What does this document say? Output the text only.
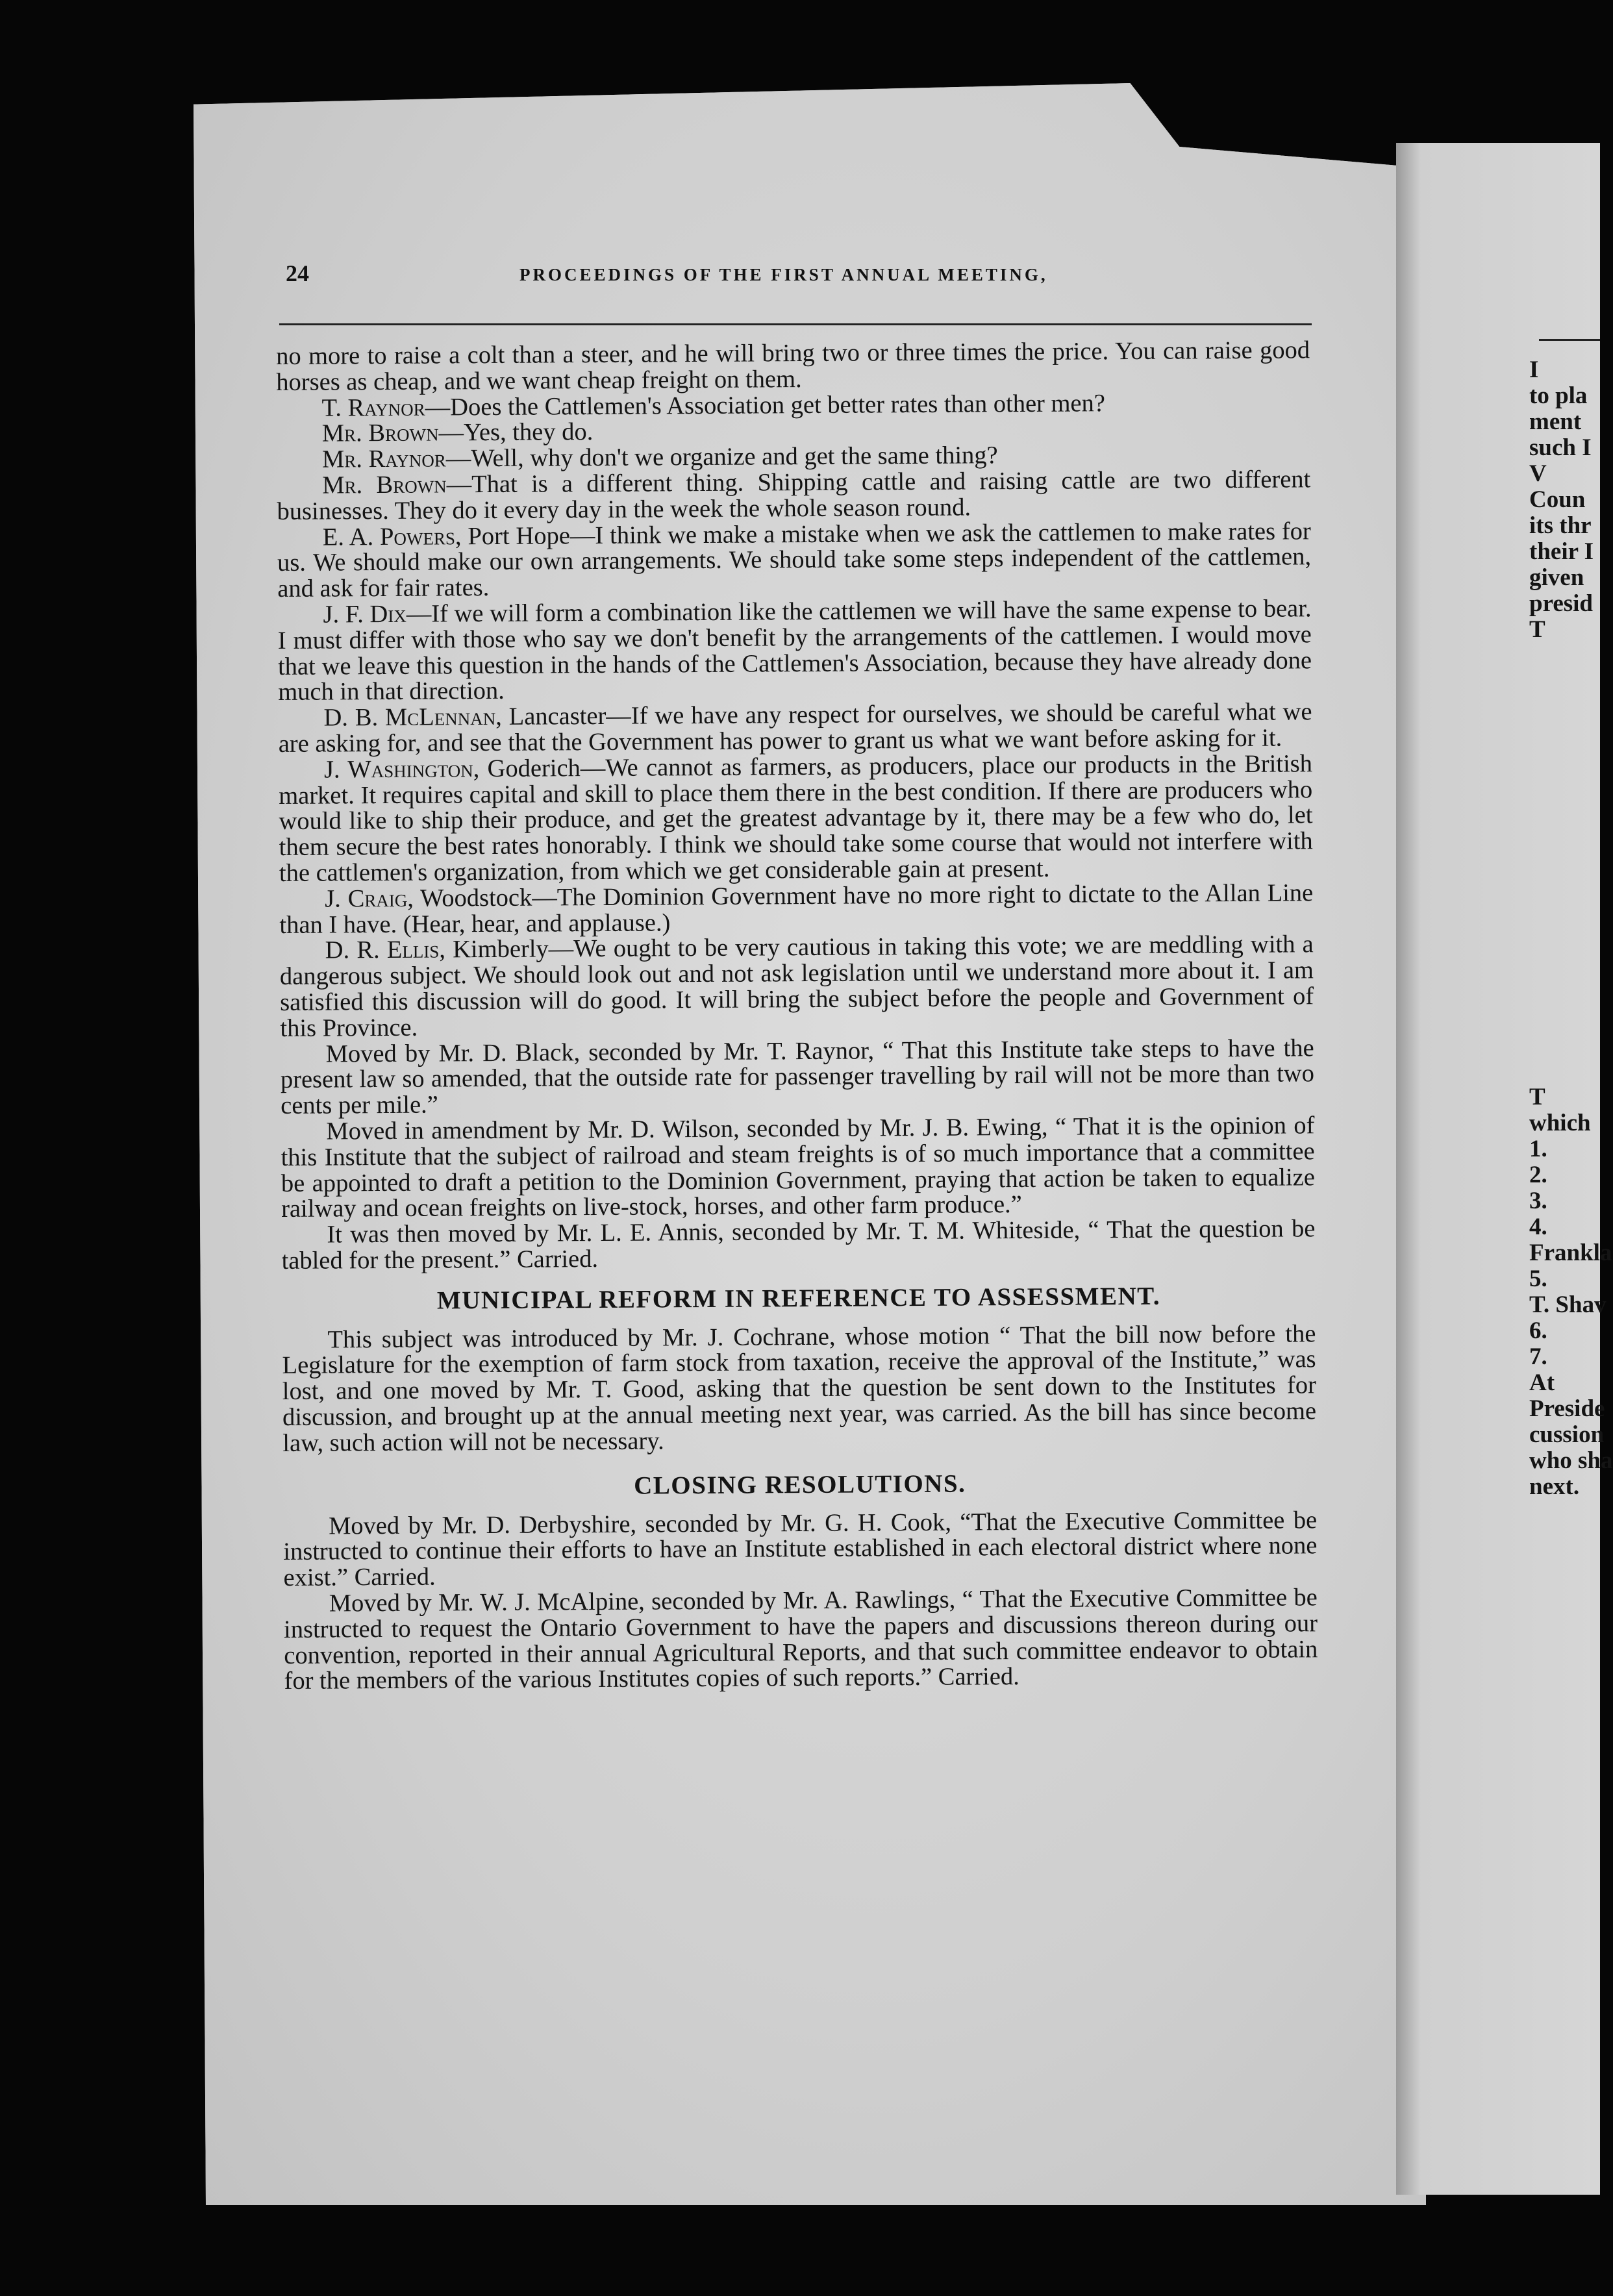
24	PROCEEDINGS OF THE FIRST ANNUAL MEETING,

no more to raise a colt than a steer, and he will bring two or three times the price. You can raise good horses as cheap, and we want cheap freight on them.

T. Raynor—Does the Cattlemen's Association get better rates than other men?

Mr. Brown—Yes, they do.

Mr. Raynor—Well, why don't we organize and get the same thing?

Mr. Brown—That is a different thing. Shipping cattle and raising cattle are two different businesses. They do it every day in the week the whole season round.

E. A. Powers, Port Hope—I think we make a mistake when we ask the cattlemen to make rates for us. We should make our own arrangements. We should take some steps independent of the cattlemen, and ask for fair rates.

J. F. Dix—If we will form a combination like the cattlemen we will have the same expense to bear. I must differ with those who say we don't benefit by the arrangements of the cattlemen. I would move that we leave this question in the hands of the Cattlemen's Association, because they have already done much in that direction.

D. B. McLennan, Lancaster—If we have any respect for ourselves, we should be careful what we are asking for, and see that the Government has power to grant us what we want before asking for it.

J. Washington, Goderich—We cannot as farmers, as producers, place our products in the British market. It requires capital and skill to place them there in the best condition. If there are producers who would like to ship their produce, and get the greatest advantage by it, there may be a few who do, let them secure the best rates honorably. I think we should take some course that would not interfere with the cattlemen's organization, from which we get considerable gain at present.

J. Craig, Woodstock—The Dominion Government have no more right to dictate to the Allan Line than I have. (Hear, hear, and applause.)

D. R. Ellis, Kimberly—We ought to be very cautious in taking this vote; we are meddling with a dangerous subject. We should look out and not ask legislation until we understand more about it. I am satisfied this discussion will do good. It will bring the subject before the people and Government of this Province.

Moved by Mr. D. Black, seconded by Mr. T. Raynor, “ That this Institute take steps to have the present law so amended, that the outside rate for passenger travelling by rail will not be more than two cents per mile.”

Moved in amendment by Mr. D. Wilson, seconded by Mr. J. B. Ewing, “ That it is the opinion of this Institute that the subject of railroad and steam freights is of so much importance that a committee be appointed to draft a petition to the Dominion Government, praying that action be taken to equalize railway and ocean freights on live-stock, horses, and other farm produce.”

It was then moved by Mr. L. E. Annis, seconded by Mr. T. M. Whiteside, “ That the question be tabled for the present.” Carried.

MUNICIPAL REFORM IN REFERENCE TO ASSESSMENT.

This subject was introduced by Mr. J. Cochrane, whose motion “ That the bill now before the Legislature for the exemption of farm stock from taxation, receive the approval of the Institute,” was lost, and one moved by Mr. T. Good, asking that the question be sent down to the Institutes for discussion, and brought up at the annual meeting next year, was carried. As the bill has since become law, such action will not be necessary.

CLOSING RESOLUTIONS.

Moved by Mr. D. Derbyshire, seconded by Mr. G. H. Cook, “That the Executive Committee be instructed to continue their efforts to have an Institute established in each electoral district where none exist.” Carried.

Moved by Mr. W. J. McAlpine, seconded by Mr. A. Rawlings, “ That the Executive Committee be instructed to request the Ontario Government to have the papers and discussions thereon during our convention, reported in their annual Agricultural Reports, and that such committee endeavor to obtain for the members of the various Institutes copies of such reports.” Carried.

I
to pla
ment
such I
V
Coun
its thr
their I
given
presid
T
T
which
1.
2.
3.
4.
Frankla
5.
T. Shav
6.
7.
At
Preside
cussion
who sha
next.
